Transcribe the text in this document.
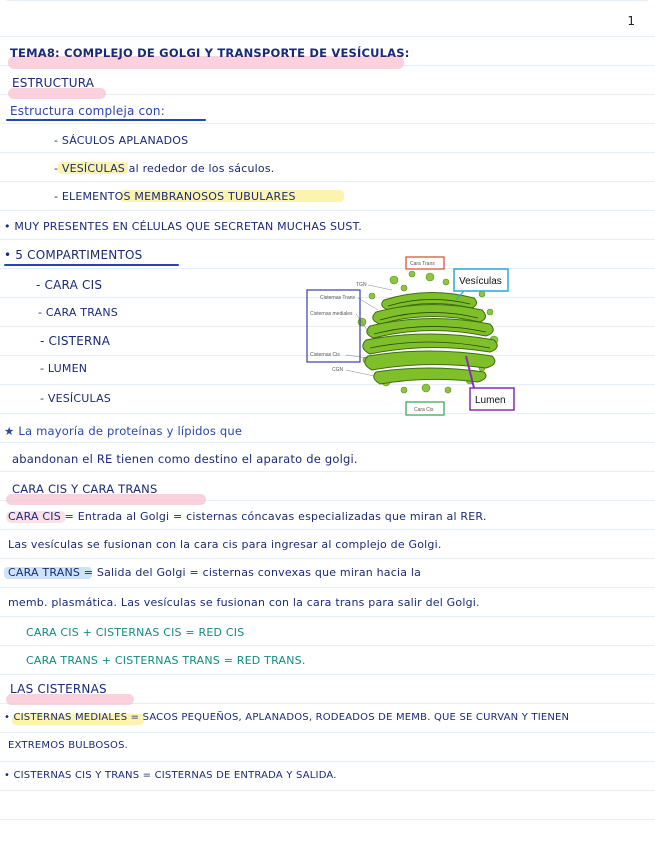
1
TEMA8: COMPLEJO DE GOLGI Y TRANSPORTE DE VESÍCULAS:
ESTRUCTURA
Estructura compleja con:
- SÁCULOS APLANADOS
- VESÍCULAS al rededor de los sáculos.
- ELEMENTOS MEMBRANOSOS TUBULARES
• MUY PRESENTES EN CÉLULAS QUE SECRETAN MUCHAS SUST.
• 5 COMPARTIMENTOS
- CARA CIS
- CARA TRANS
- CISTERNA
- LUMEN
- VESÍCULAS
TGN
Cisternas Trans
Cisternas mediales
Cisternas Cis
CGN
Cara Trans
Cara Cis
Vesículas
Lumen
★ La mayoría de proteínas y lípidos que
abandonan el RE tienen como destino el aparato de golgi.
CARA CIS Y CARA TRANS
CARA CIS = Entrada al Golgi = cisternas cóncavas especializadas que miran al RER.
Las vesículas se fusionan con la cara cis para ingresar al complejo de Golgi.
CARA TRANS = Salida del Golgi = cisternas convexas que miran hacia la
memb. plasmática. Las vesículas se fusionan con la cara trans para salir del Golgi.
CARA CIS + CISTERNAS CIS = RED CIS
CARA TRANS + CISTERNAS TRANS = RED TRANS.
LAS CISTERNAS
• CISTERNAS MEDIALES = SACOS PEQUEÑOS, APLANADOS, RODEADOS DE MEMB. QUE SE CURVAN Y TIENEN
EXTREMOS BULBOSOS.
• CISTERNAS CIS Y TRANS = CISTERNAS DE ENTRADA Y SALIDA.
